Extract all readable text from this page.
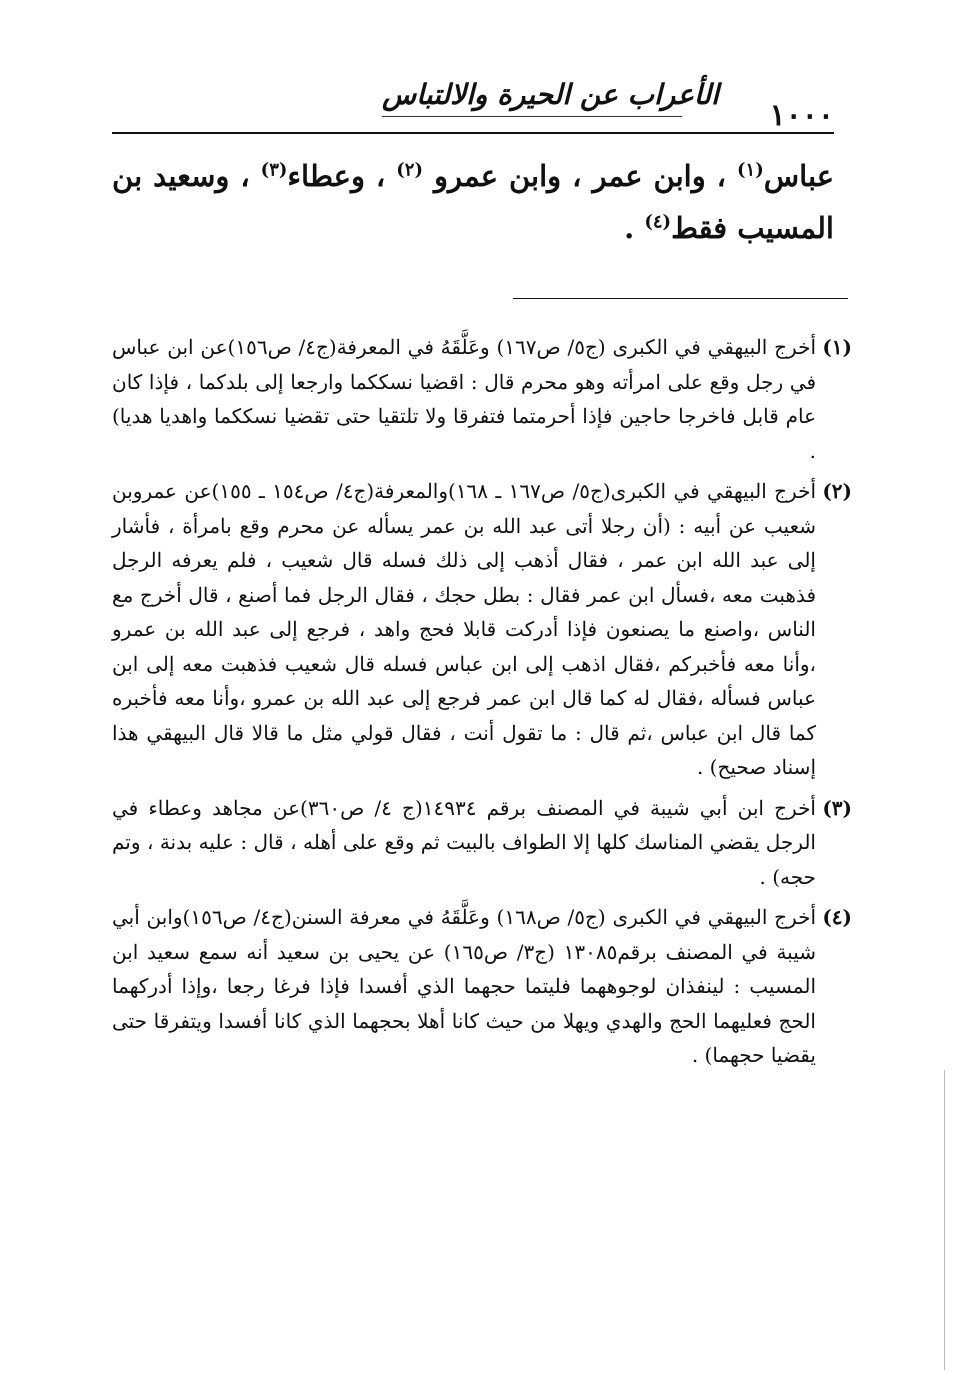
١٠٠٠
الأعراب عن الحيرة والالتباس

عباس$^{(١)}$ ، وابن عمر ، وابن عمرو $^{(٢)}$ ، وعطاء$^{(٣)}$ ، وسعيد بن المسيب فقط$^{(٤)}$ .

(١)
أخرج البيهقي في الكبرى (ج٥/ ص١٦٧) وعَلَّقَهُ في المعرفة(ج٤/ ص١٥٦)عن ابن عباس في رجل وقع على امرأته وهو محرم قال : اقضيا نسككما وارجعا إلى بلدكما ، فإذا كان عام قابل فاخرجا حاجين فإذا أحرمتما فتفرقا ولا تلتقيا حتى تقضيا نسككما واهديا هديا) .
(٢)
أخرج البيهقي في الكبرى(ج٥/ ص١٦٧ ـ ١٦٨)والمعرفة(ج٤/ ص١٥٤ ـ ١٥٥)عن عمروبن شعيب عن أبيه : (أن رجلا أتى عبد الله بن عمر يسأله عن محرم وقع بامرأة ، فأشار إلى عبد الله ابن عمر ، فقال أذهب إلى ذلك فسله قال شعيب ، فلم يعرفه الرجل فذهبت معه ،فسأل ابن عمر فقال : بطل حجك ، فقال الرجل فما أصنع ، قال أخرج مع الناس ،واصنع ما يصنعون فإذا أدركت قابلا فحج واهد ، فرجع إلى عبد الله بن عمرو ،وأنا معه فأخبركم ،فقال اذهب إلى ابن عباس فسله قال شعيب فذهبت معه إلى ابن عباس فسأله ،فقال له كما قال ابن عمر فرجع إلى عبد الله بن عمرو ،وأنا معه فأخبره كما قال ابن عباس ،ثم قال : ما تقول أنت ، فقال قولي مثل ما قالا قال البيهقي هذا إسناد صحيح) .
(٣)
أخرج ابن أبي شيبة في المصنف برقم ١٤٩٣٤(ج ٤/ ص٣٦٠)عن مجاهد وعطاء في الرجل يقضي المناسك كلها إلا الطواف بالبيت ثم وقع على أهله ، قال : عليه بدنة ، وتم حجه) .
(٤)
أخرج البيهقي في الكبرى (ج٥/ ص١٦٨) وعَلَّقَهُ في معرفة السنن(ج٤/ ص١٥٦)وابن أبي شيبة في المصنف برقم١٣٠٨٥ (ج٣/ ص١٦٥) عن يحيى بن سعيد أنه سمع سعيد ابن المسيب : لينفذان لوجوههما فليتما حجهما الذي أفسدا فإذا فرغا رجعا ،وإذا أدركهما الحج فعليهما الحج والهدي ويهلا من حيث كانا أهلا بحجهما الذي كانا أفسدا ويتفرقا حتى يقضيا حجهما) .
